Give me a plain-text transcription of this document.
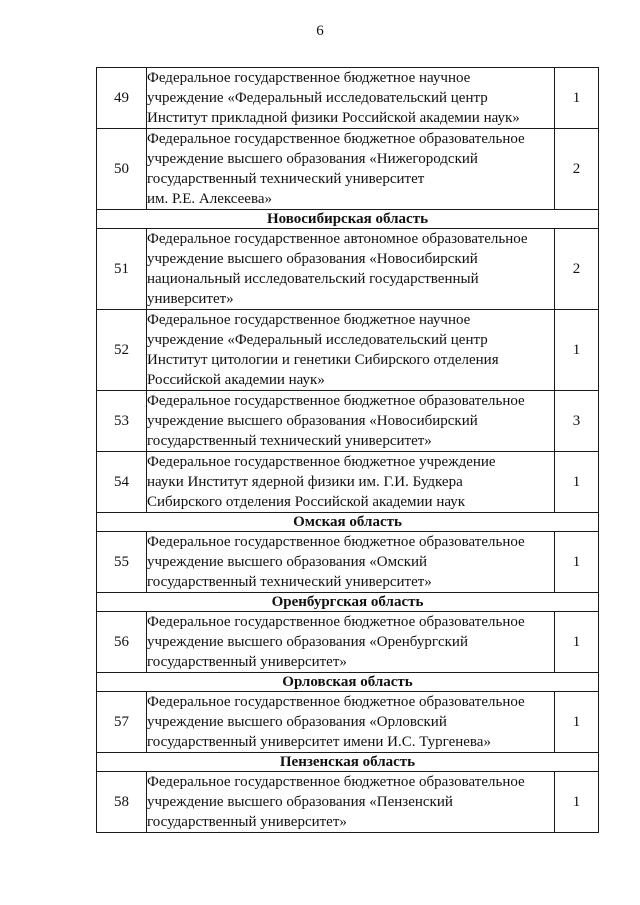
6
49	Федеральное государственное бюджетное научное
учреждение «Федеральный исследовательский центр
Институт прикладной физики Российской академии наук»	1
50	Федеральное государственное бюджетное образовательное
учреждение высшего образования «Нижегородский
государственный технический университет
им. Р.Е. Алексеева»	2
Новосибирская область		
51	Федеральное государственное автономное образовательное
учреждение высшего образования «Новосибирский
национальный исследовательский государственный
университет»	2
52	Федеральное государственное бюджетное научное
учреждение «Федеральный исследовательский центр
Институт цитологии и генетики Сибирского отделения
Российской академии наук»	1
53	Федеральное государственное бюджетное образовательное
учреждение высшего образования «Новосибирский
государственный технический университет»	3
54	Федеральное государственное бюджетное учреждение
науки Институт ядерной физики им. Г.И. Будкера
Сибирского отделения Российской академии наук	1
Омская область		
55	Федеральное государственное бюджетное образовательное
учреждение высшего образования «Омский
государственный технический университет»	1
Оренбургская область		
56	Федеральное государственное бюджетное образовательное
учреждение высшего образования «Оренбургский
государственный университет»	1
Орловская область		
57	Федеральное государственное бюджетное образовательное
учреждение высшего образования «Орловский
государственный университет имени И.С. Тургенева»	1
Пензенская область		
58	Федеральное государственное бюджетное образовательное
учреждение высшего образования «Пензенский
государственный университет»	1
